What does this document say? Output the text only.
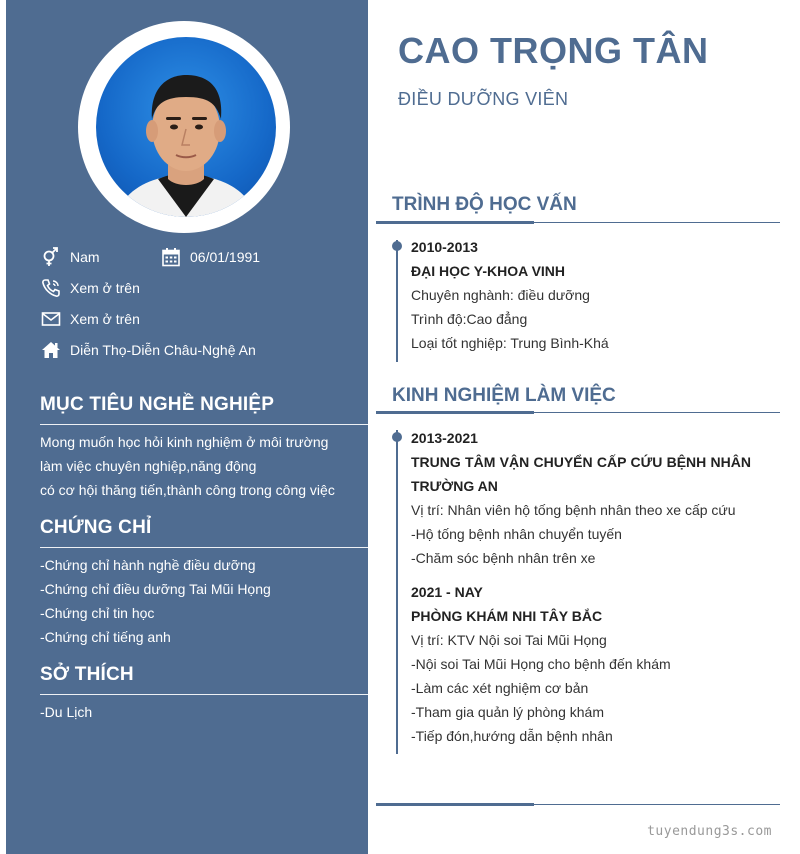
Nam	06/01/1991
Xem ở trên
Xem ở trên
Diễn Thọ-Diễn Châu-Nghệ An
MỤC TIÊU NGHỀ NGHIỆP
Mong muốn học hỏi kinh nghiệm ở môi trường
làm việc chuyên nghiệp,năng động
có cơ hội thăng tiến,thành công trong công việc
CHỨNG CHỈ
-Chứng chỉ hành nghề điều dưỡng
-Chứng chỉ điều dưỡng Tai Mũi Họng
-Chứng chỉ tin học
-Chứng chỉ tiếng anh
SỞ THÍCH
-Du Lịch
CAO TRỌNG TÂN
ĐIỀU DƯỠNG VIÊN
TRÌNH ĐỘ HỌC VẤN
2010-2013
ĐẠI HỌC Y-KHOA VINH
Chuyên nghành: điều dưỡng
Trình độ:Cao đẳng
Loại tốt nghiệp: Trung Bình-Khá
KINH NGHIỆM LÀM VIỆC
2013-2021
TRUNG TÂM VẬN CHUYỂN CẤP CỨU BỆNH NHÂN TRƯỜNG AN
Vị trí: Nhân viên hộ tống bệnh nhân theo xe cấp cứu
-Hộ tống bệnh nhân chuyển tuyến
-Chăm sóc bệnh nhân trên xe
2021 - NAY
PHÒNG KHÁM NHI TÂY BẮC
Vị trí: KTV Nội soi Tai Mũi Họng
-Nội soi Tai Mũi Họng cho bệnh đến khám
-Làm các xét nghiệm cơ bản
-Tham gia quản lý phòng khám
-Tiếp đón,hướng dẫn bệnh nhân
tuyendung3s.com
